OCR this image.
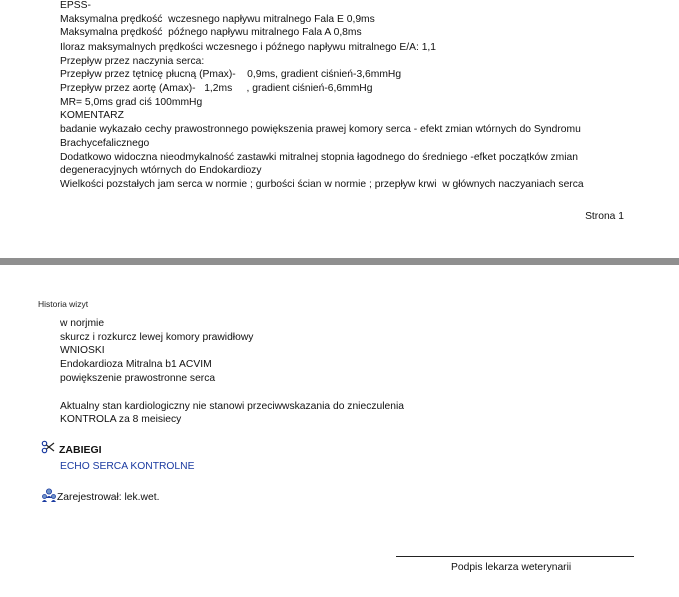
EPSS-
Maksymalna prędkość  wczesnego napływu mitralnego Fala E 0,9ms
Maksymalna prędkość  późnego napływu mitralnego Fala A 0,8ms
Iloraz maksymalnych prędkości wczesnego i późnego napływu mitralnego E/A: 1,1
Przepływ przez naczynia serca:
Przepływ przez tętnicę płucną (Pmax)-    0,9ms, gradient ciśnień-3,6mmHg
Przepływ przez aortę (Amax)-   1,2ms     , gradient ciśnień-6,6mmHg
MR= 5,0ms grad ciś 100mmHg
KOMENTARZ
badanie wykazało cechy prawostronnego powiększenia prawej komory serca - efekt zmian wtórnych do Syndromu
Brachycefalicznego
Dodatkowo widoczna nieodmykalność zastawki mitralnej stopnia łagodnego do średniego -efket początków zmian
degeneracyjnych wtórnych do Endokardiozy
Wielkości pozstałych jam serca w normie ; gurbości ścian w normie ; przepływ krwi  w głównych naczyaniach serca
Strona 1
Historia wizyt
w norjmie
skurcz i rozkurcz lewej komory prawidłowy
WNIOSKI
Endokardioza Mitralna b1 ACVIM
powiększenie prawostronne serca
Aktualny stan kardiologiczny nie stanowi przeciwwskazania do znieczulenia
KONTROLA za 8 meisiecy
ZABIEGI
ECHO SERCA KONTROLNE
Zarejestrował: lek.wet.
Podpis lekarza weterynarii
